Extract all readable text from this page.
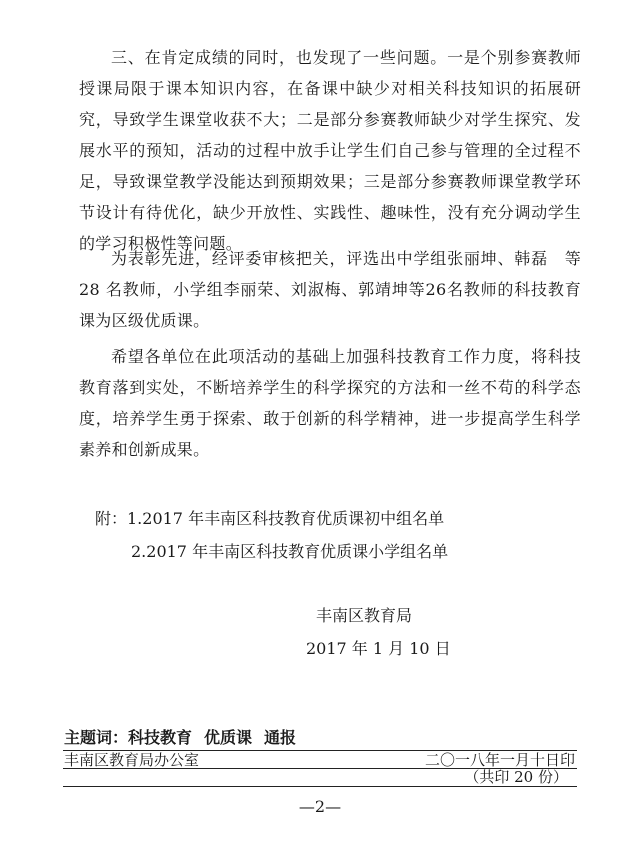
三、在肯定成绩的同时，也发现了一些问题。一是个别参赛教师授课局限于课本知识内容，在备课中缺少对相关科技知识的拓展研究，导致学生课堂收获不大；二是部分参赛教师缺少对学生探究、发展水平的预知，活动的过程中放手让学生们自己参与管理的全过程不足，导致课堂教学没能达到预期效果；三是部分参赛教师课堂教学环节设计有待优化，缺少开放性、实践性、趣味性，没有充分调动学生的学习积极性等问题。

为表彰先进，经评委审核把关，评选出中学组张丽坤、韩磊　等 28 名教师，小学组李丽荣、刘淑梅、郭靖坤等26名教师的科技教育课为区级优质课。

希望各单位在此项活动的基础上加强科技教育工作力度，将科技教育落到实处，不断培养学生的科学探究的方法和一丝不苟的科学态度，培养学生勇于探索、敢于创新的科学精神，进一步提高学生科学素养和创新成果。

附：1.2017 年丰南区科技教育优质课初中组名单

2.2017 年丰南区科技教育优质课小学组名单

丰南区教育局

2017 年 1 月 10 日

主题词：科技教育 优质课 通报
丰南区教育局办公室	二〇一八年一月十日印
（共印 20 份）
—2—
